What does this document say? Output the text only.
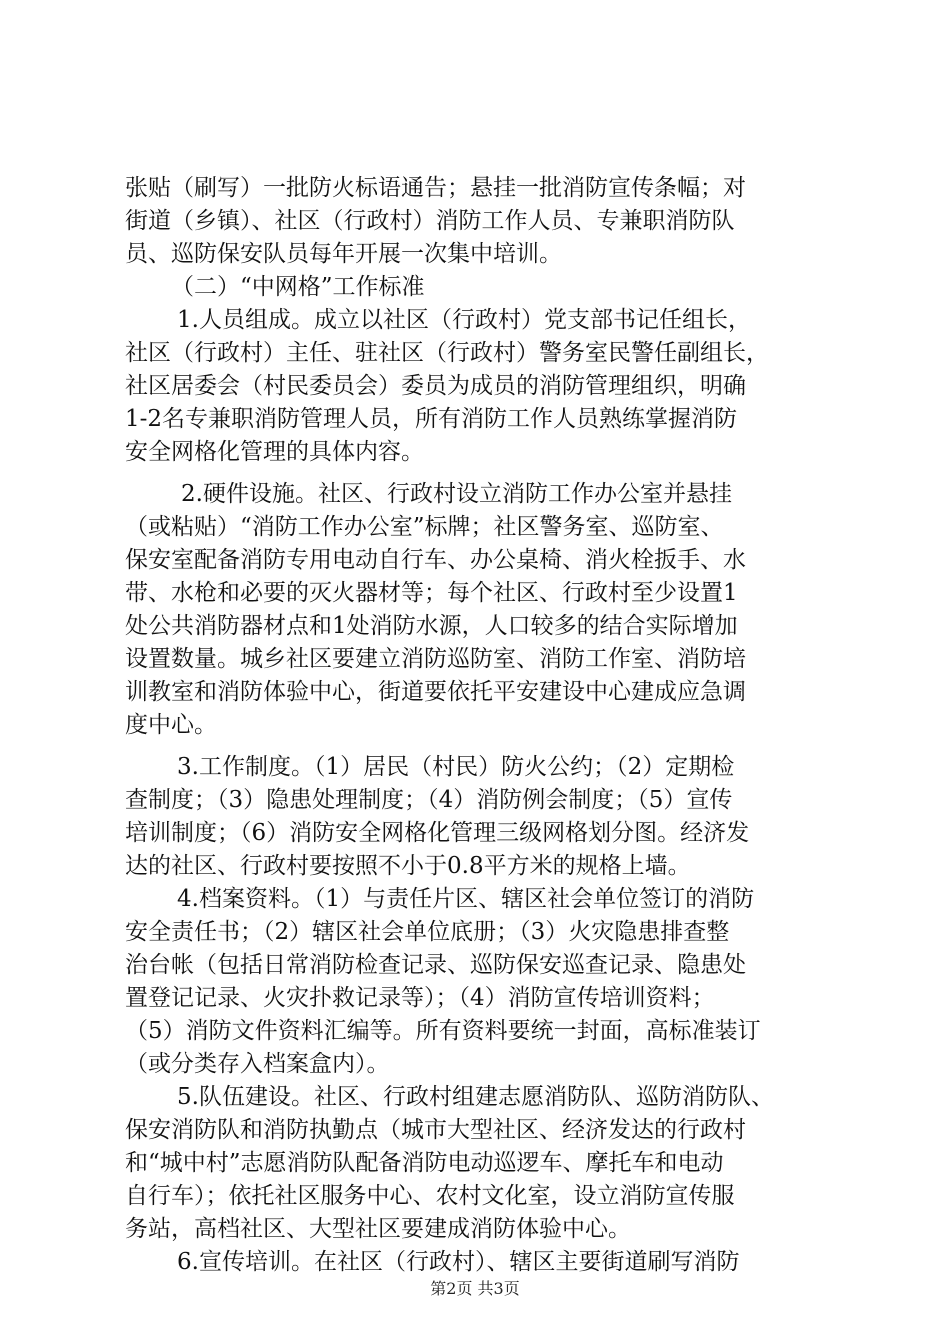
张贴（刷写）一批防火标语通告；悬挂一批消防宣传条幅；对
街道（乡镇）、社区（行政村）消防工作人员、专兼职消防队
员、巡防保安队员每年开展一次集中培训。
（二）“中网格”工作标准
1.人员组成。成立以社区（行政村）党支部书记任组长，
社区（行政村）主任、驻社区（行政村）警务室民警任副组长，
社区居委会（村民委员会）委员为成员的消防管理组织，明确
1-2名专兼职消防管理人员，所有消防工作人员熟练掌握消防
安全网格化管理的具体内容。
2.硬件设施。社区、行政村设立消防工作办公室并悬挂
（或粘贴）“消防工作办公室”标牌；社区警务室、巡防室、
保安室配备消防专用电动自行车、办公桌椅、消火栓扳手、水
带、水枪和必要的灭火器材等；每个社区、行政村至少设置1
处公共消防器材点和1处消防水源，人口较多的结合实际增加
设置数量。城乡社区要建立消防巡防室、消防工作室、消防培
训教室和消防体验中心，街道要依托平安建设中心建成应急调
度中心。
3.工作制度。（1）居民（村民）防火公约；（2）定期检
查制度；（3）隐患处理制度；（4）消防例会制度；（5）宣传
培训制度；（6）消防安全网格化管理三级网格划分图。经济发
达的社区、行政村要按照不小于0.8平方米的规格上墙。
4.档案资料。（1）与责任片区、辖区社会单位签订的消防
安全责任书；（2）辖区社会单位底册；（3）火灾隐患排查整
治台帐（包括日常消防检查记录、巡防保安巡查记录、隐患处
置登记记录、火灾扑救记录等）；（4）消防宣传培训资料；
（5）消防文件资料汇编等。所有资料要统一封面，高标准装订
（或分类存入档案盒内）。
5.队伍建设。社区、行政村组建志愿消防队、巡防消防队、
保安消防队和消防执勤点（城市大型社区、经济发达的行政村
和“城中村”志愿消防队配备消防电动巡逻车、摩托车和电动
自行车）；依托社区服务中心、农村文化室，设立消防宣传服
务站，高档社区、大型社区要建成消防体验中心。
6.宣传培训。在社区（行政村）、辖区主要街道刷写消防
第2页 共3页
